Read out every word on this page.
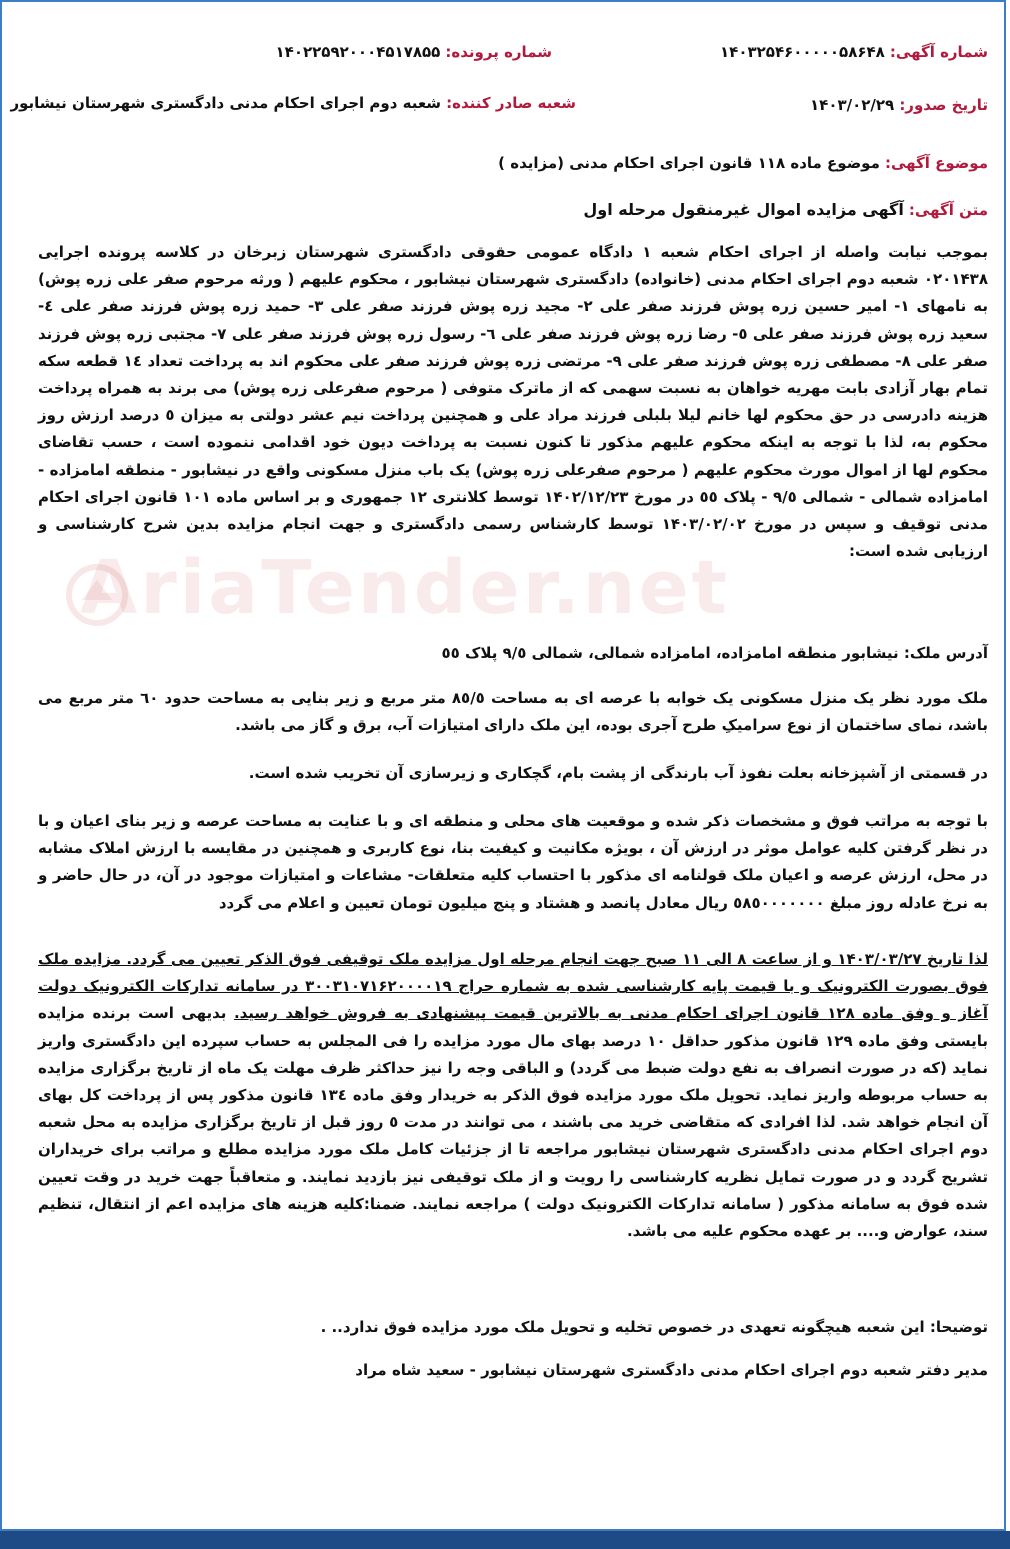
شماره آگهی: ۱۴۰۳۲۵۴۶۰۰۰۰۰۵۸۶۴۸
شماره پرونده: ۱۴۰۲۲۵۹۲۰۰۰۴۵۱۷۸۵۵
تاریخ صدور: ۱۴۰۳/۰۲/۲۹
شعبه صادر کننده: شعبه دوم اجرای احکام مدنی دادگستری شهرستان نیشابور
موضوع آگهی: موضوع ماده ۱۱۸ قانون اجرای احکام مدنی (مزایده )
متن آگهی: آگهی مزایده اموال غیرمنقول مرحله اول

بموجب نیابت واصله از اجرای احکام شعبه ۱ دادگاه عمومی حقوقی دادگستری شهرستان زبرخان در کلاسه پرونده اجرایی ۰۲۰۱۴۳۸ شعبه دوم اجرای احکام مدنی (خانواده) دادگستری شهرستان نیشابور ، محکوم علیهم ( ورثه مرحوم صفر علی زره پوش) به نامهای ۱- امیر حسین زره پوش فرزند صفر علی ۲- مجید زره پوش فرزند صفر علی ۳- حمید زره پوش فرزند صفر علی ٤- سعید زره پوش فرزند صفر علی ٥- رضا زره پوش فرزند صفر علی ٦- رسول زره پوش فرزند صفر علی ۷- مجتبی زره پوش فرزند صفر علی ۸- مصطفی زره پوش فرزند صفر علی ۹- مرتضی زره پوش فرزند صفر علی محکوم اند به پرداخت تعداد ١٤ قطعه سکه تمام بهار آزادی بابت مهریه خواهان به نسبت سهمی که از ماترک متوفی ( مرحوم صفرعلی زره پوش) می برند به همراه پرداخت هزینه دادرسی در حق محکوم لها خانم لیلا بلبلی فرزند مراد علی و همچنین پرداخت نیم عشر دولتی به میزان ٥ درصد ارزش روز محکوم به، لذا با توجه به اینکه محکوم علیهم مذکور تا کنون نسبت به پرداخت دیون خود اقدامی ننموده است ، حسب تقاضای محکوم لها از اموال مورث محکوم علیهم ( مرحوم صفرعلی زره پوش) یک باب منزل مسکونی واقع در نیشابور - منطقه امامزاده - امامزاده شمالی - شمالی ۹/٥ - پلاک ٥٥ در مورخ ۱۴۰۲/۱۲/۲۳ توسط کلانتری ۱۲ جمهوری و بر اساس ماده ۱۰۱ قانون اجرای احکام مدنی توقیف و سپس در مورخ ۱۴۰۳/۰۲/۰۲ توسط کارشناس رسمی دادگستری و جهت انجام مزایده بدین شرح کارشناسی و ارزیابی شده است:

آدرس ملک: نیشابور منطقه امامزاده، امامزاده شمالی، شمالی ۹/٥ پلاک ٥٥

ملک مورد نظر یک منزل مسکونی یک خوابه با عرصه ای به مساحت ٨٥/٥ متر مربع و زیر بنایی به مساحت حدود ٦٠ متر مربع می باشد، نمای ساختمان از نوع سرامیکِ طرح آجری بوده، این ملک دارای امتیازات آب، برق و گاز می باشد.

در قسمتی از آشپزخانه بعلت نفوذ آب بارندگی از پشت بام، گچکاری و زیرسازی آن تخریب شده است.

با توجه به مراتب فوق و مشخصات ذکر شده و موقعیت های محلی و منطقه ای و با عنایت به مساحت عرصه و زیر بنای اعیان و با در نظر گرفتن کلیه عوامل موثر در ارزش آن ، بویژه مکانیت و کیفیت بنا، نوع کاربری و همچنین در مقایسه با ارزش املاک مشابه در محل، ارزش عرصه و اعیان ملک قولنامه ای مذکور با احتساب کلیه متعلقات- مشاعات و امتیازات موجود در آن، در حال حاضر و به نرخ عادله روز مبلغ ٥٨٥٠٠٠٠٠٠٠ ریال معادل پانصد و هشتاد و پنج میلیون تومان تعیین و اعلام می گردد

لذا تاریخ ۱۴۰۳/۰۳/۲۷ و از ساعت ۸ الی ۱۱ صبح جهت انجام مرحله اول مزایده ملک توقیفی فوق الذکر تعیین می گردد. مزایده ملک فوق بصورت الکترونیک و با قیمت پایه کارشناسی شده به شماره حراج ۳۰۰۳۱۰۷۱۶۲۰۰۰۰۱۹ در سامانه تدارکات الکترونیک دولت آغاز و وفق ماده ۱۲۸ قانون اجرای احکام مدنی به بالاترین قیمت پیشنهادی به فروش خواهد رسید. بدیهی است برنده مزایده بایستی وفق ماده ۱۲۹ قانون مذکور حداقل ۱۰ درصد بهای مال مورد مزایده را فی المجلس به حساب سپرده این دادگستری واریز نماید (که در صورت انصراف به نفع دولت ضبط می گردد) و الباقی وجه را نیز حداکثر ظرف مهلت یک ماه از تاریخ برگزاری مزایده به حساب مربوطه واریز نماید. تحویل ملک مورد مزایده فوق الذکر به خریدار وفق ماده ۱۳٤ قانون مذکور پس از پرداخت کل بهای آن انجام خواهد شد. لذا افرادی که متقاضی خرید می باشند ، می توانند در مدت ٥ روز قبل از تاریخ برگزاری مزایده به محل شعبه دوم اجرای احکام مدنی دادگستری شهرستان نیشابور مراجعه تا از جزئیات کامل ملک مورد مزایده مطلع و مراتب برای خریداران تشریح گردد و در صورت تمایل نظریه کارشناسی را رویت و از ملک توقیفی نیز بازدید نمایند. و متعاقباً جهت خرید در وقت تعیین شده فوق به سامانه مذکور ( سامانه تدارکات الکترونیک دولت ) مراجعه نمایند. ضمنا:کلیه هزینه های مزایده اعم از انتقال، تنظیم سند، عوارض و.... بر عهده محکوم علیه می باشد.

توضیحا: این شعبه هیچگونه تعهدی در خصوص تخلیه و تحویل ملک مورد مزایده فوق ندارد.. .

مدیر دفتر شعبه دوم اجرای احکام مدنی دادگستری شهرستان نیشابور - سعید شاه مراد
